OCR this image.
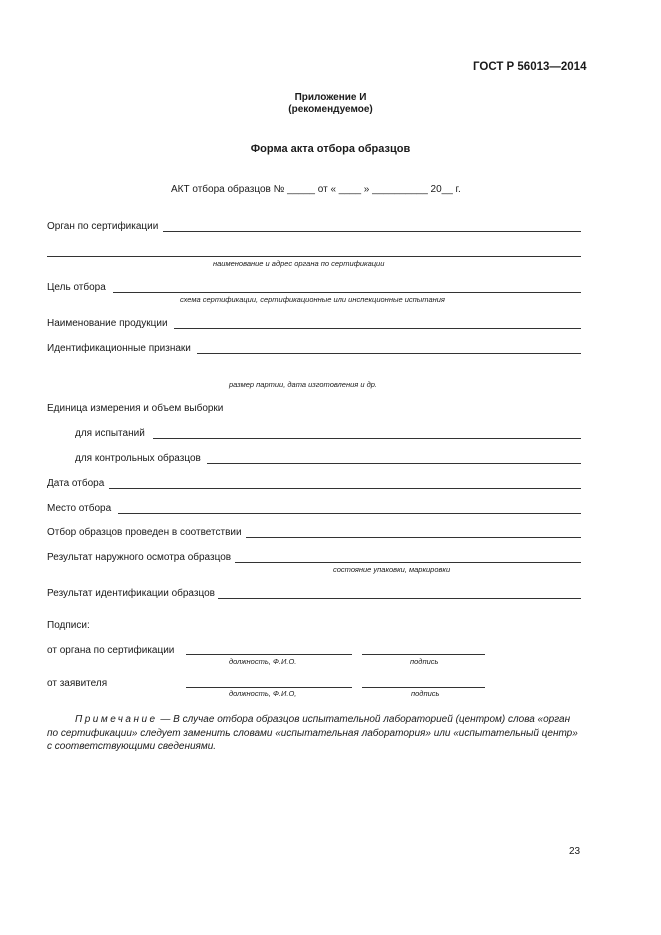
ГОСТ Р 56013—2014
Приложение И
(рекомендуемое)
Форма акта отбора образцов
АКТ отбора образцов № _____ от « ____ » __________ 20__ г.
Орган по сертификации
наименование и адрес органа по сертификации
Цель отбора
схема сертификации, сертификационные или инспекционные испытания
Наименование продукции
Идентификационные признаки
размер партии, дата изготовления и др.
Единица измерения и объем выборки
для испытаний
для контрольных образцов
Дата отбора
Место отбора
Отбор образцов проведен в соответствии
Результат наружного осмотра образцов
состояние упаковки, маркировки
Результат идентификации образцов
Подписи:
от органа по сертификации
должность, Ф.И.О.	подпись
от заявителя
должность, Ф.И.О,	подпись
Примечание — В случае отбора образцов испытательной лабораторией (центром) слова «орган по сертификации» следует заменить словами «испытательная лаборатория» или «испытательный центр» с соответствующими сведениями.
23
